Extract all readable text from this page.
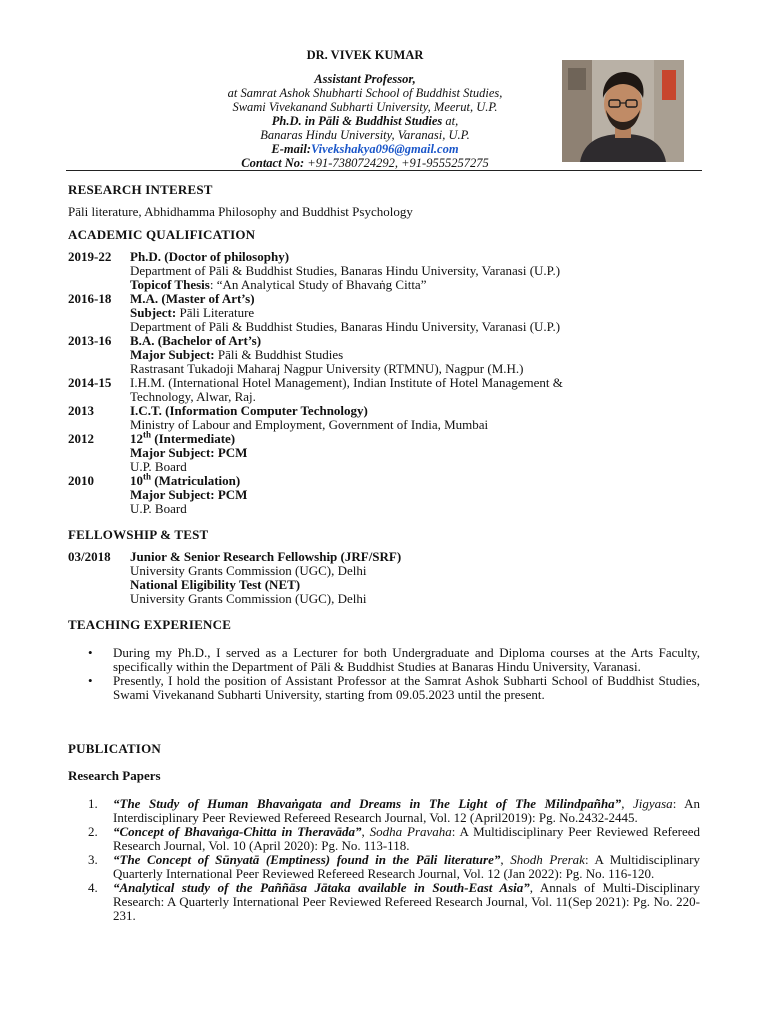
DR. VIVEK KUMAR
Assistant Professor,
at Samrat Ashok Shubharti School of Buddhist Studies,
Swami Vivekanand Subharti University, Meerut, U.P.
Ph.D. in Pāli & Buddhist Studies at,
Banaras Hindu University, Varanasi, U.P.
E-mail:Vivekshakya096@gmail.com
Contact No: +91-7380724292, +91-9555257275
RESEARCH INTEREST
Pāli literature, Abhidhamma Philosophy and Buddhist Psychology
ACADEMIC QUALIFICATION
2019-22 Ph.D. (Doctor of philosophy)
Department of Pāli & Buddhist Studies, Banaras Hindu University, Varanasi (U.P.)
Topicof Thesis: “An Analytical Study of Bhavaṅg Citta”
2016-18 M.A. (Master of Art’s)
Subject: Pāli Literature
Department of Pāli & Buddhist Studies, Banaras Hindu University, Varanasi (U.P.)
2013-16 B.A. (Bachelor of Art’s)
Major Subject: Pāli & Buddhist Studies
Rastrasant Tukadoji Maharaj Nagpur University (RTMNU), Nagpur (M.H.)
2014-15 I.H.M. (International Hotel Management), Indian Institute of Hotel Management &
Technology, Alwar, Raj.
2013	I.C.T. (Information Computer Technology)
Ministry of Labour and Employment, Government of India, Mumbai
2012	12th (Intermediate)
Major Subject: PCM
U.P. Board
2010	10th (Matriculation)
Major Subject: PCM
U.P. Board
FELLOWSHIP & TEST
03/2018 Junior & Senior Research Fellowship (JRF/SRF)
University Grants Commission (UGC), Delhi
National Eligibility Test (NET)
University Grants Commission (UGC), Delhi
TEACHING EXPERIENCE
• During my Ph.D., I served as a Lecturer for both Undergraduate and Diploma courses at the Arts Faculty, specifically within the Department of Pāli & Buddhist Studies at Banaras Hindu University, Varanasi.
• Presently, I hold the position of Assistant Professor at the Samrat Ashok Subharti School of Buddhist Studies, Swami Vivekanand Subharti University, starting from 09.05.2023 until the present.
PUBLICATION
Research Papers
1. “The Study of Human Bhavaṅgata and Dreams in The Light of The Milindpañha”, Jigyasa: An Interdisciplinary Peer Reviewed Refereed Research Journal, Vol. 12 (April2019): Pg. No.2432-2445.
2. “Concept of Bhavaṅga-Chitta in Theravāda”, Sodha Pravaha: A Multidisciplinary Peer Reviewed Refereed Research Journal, Vol. 10 (April 2020): Pg. No. 113-118.
3. “The Concept of Sūnyatā (Emptiness) found in the Pāli literature”, Shodh Prerak: A Multidisciplinary Quarterly International Peer Reviewed Refereed Research Journal, Vol. 12 (Jan 2022): Pg. No. 116-120.
4. “Analytical study of the Paññāsa Jātaka available in South-East Asia”, Annals of Multi-Disciplinary Research: A Quarterly International Peer Reviewed Refereed Research Journal, Vol. 11(Sep 2021): Pg. No. 220-231.
